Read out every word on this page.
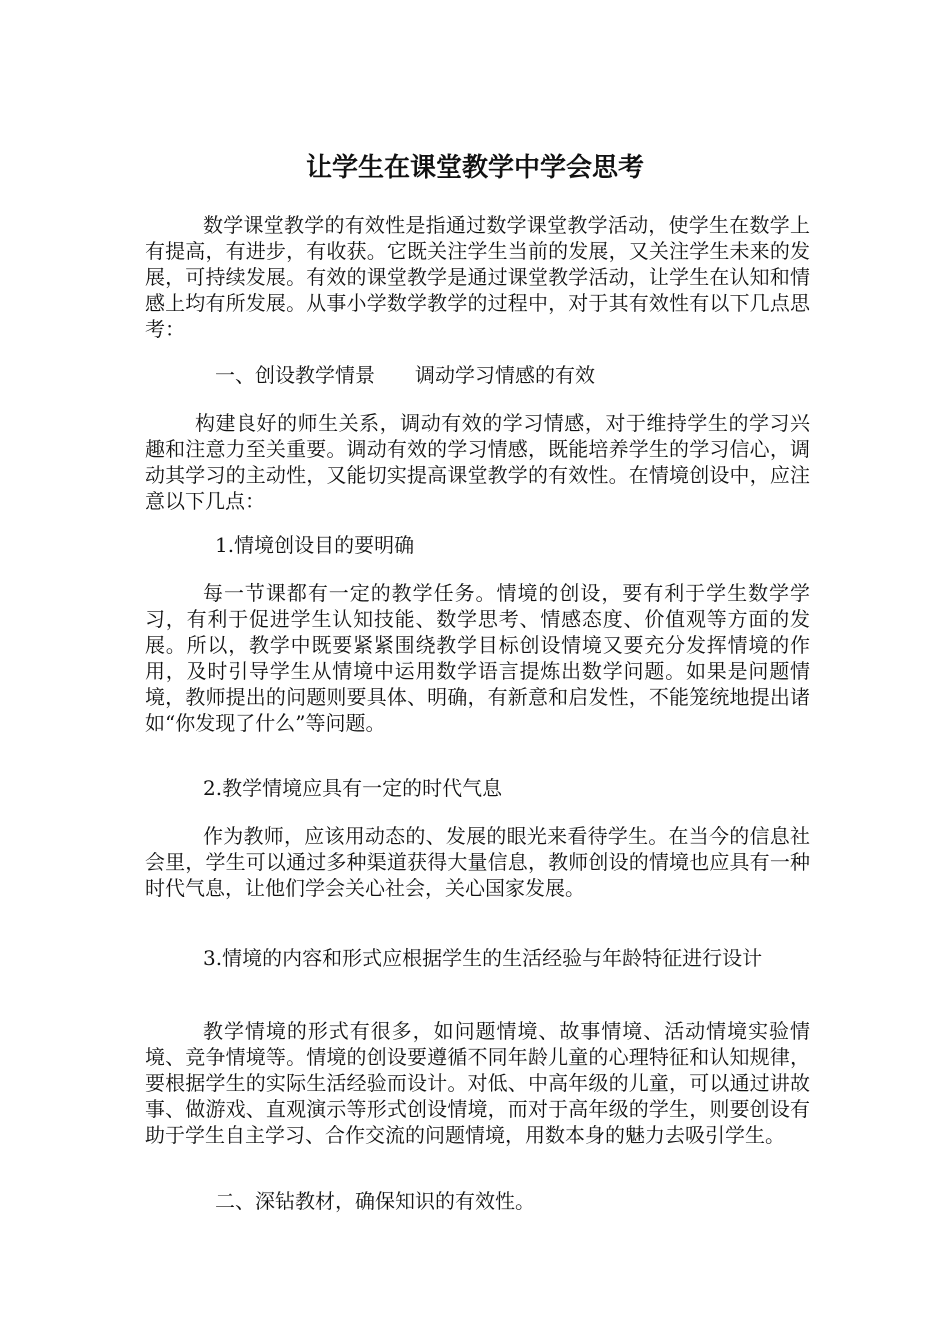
让学生在课堂教学中学会思考
数学课堂教学的有效性是指通过数学课堂教学活动，使学生在数学上有提高，有进步，有收获。它既关注学生当前的发展，又关注学生未来的发展，可持续发展。有效的课堂教学是通过课堂教学活动，让学生在认知和情感上均有所发展。从事小学数学教学的过程中，对于其有效性有以下几点思考：
一、创设教学情景　　调动学习情感的有效
构建良好的师生关系，调动有效的学习情感，对于维持学生的学习兴趣和注意力至关重要。调动有效的学习情感，既能培养学生的学习信心，调动其学习的主动性，又能切实提高课堂教学的有效性。在情境创设中，应注意以下几点：
1.情境创设目的要明确
每一节课都有一定的教学任务。情境的创设，要有利于学生数学学习，有利于促进学生认知技能、数学思考、情感态度、价值观等方面的发展。所以，教学中既要紧紧围绕教学目标创设情境又要充分发挥情境的作用，及时引导学生从情境中运用数学语言提炼出数学问题。如果是问题情境，教师提出的问题则要具体、明确，有新意和启发性，不能笼统地提出诸如“你发现了什么”等问题。
2.教学情境应具有一定的时代气息
作为教师，应该用动态的、发展的眼光来看待学生。在当今的信息社会里，学生可以通过多种渠道获得大量信息，教师创设的情境也应具有一种时代气息，让他们学会关心社会，关心国家发展。
3.情境的内容和形式应根据学生的生活经验与年龄特征进行设计
教学情境的形式有很多，如问题情境、故事情境、活动情境实验情境、竞争情境等。情境的创设要遵循不同年龄儿童的心理特征和认知规律，要根据学生的实际生活经验而设计。对低、中高年级的儿童，可以通过讲故事、做游戏、直观演示等形式创设情境，而对于高年级的学生，则要创设有助于学生自主学习、合作交流的问题情境，用数本身的魅力去吸引学生。
二、深钻教材，确保知识的有效性。
